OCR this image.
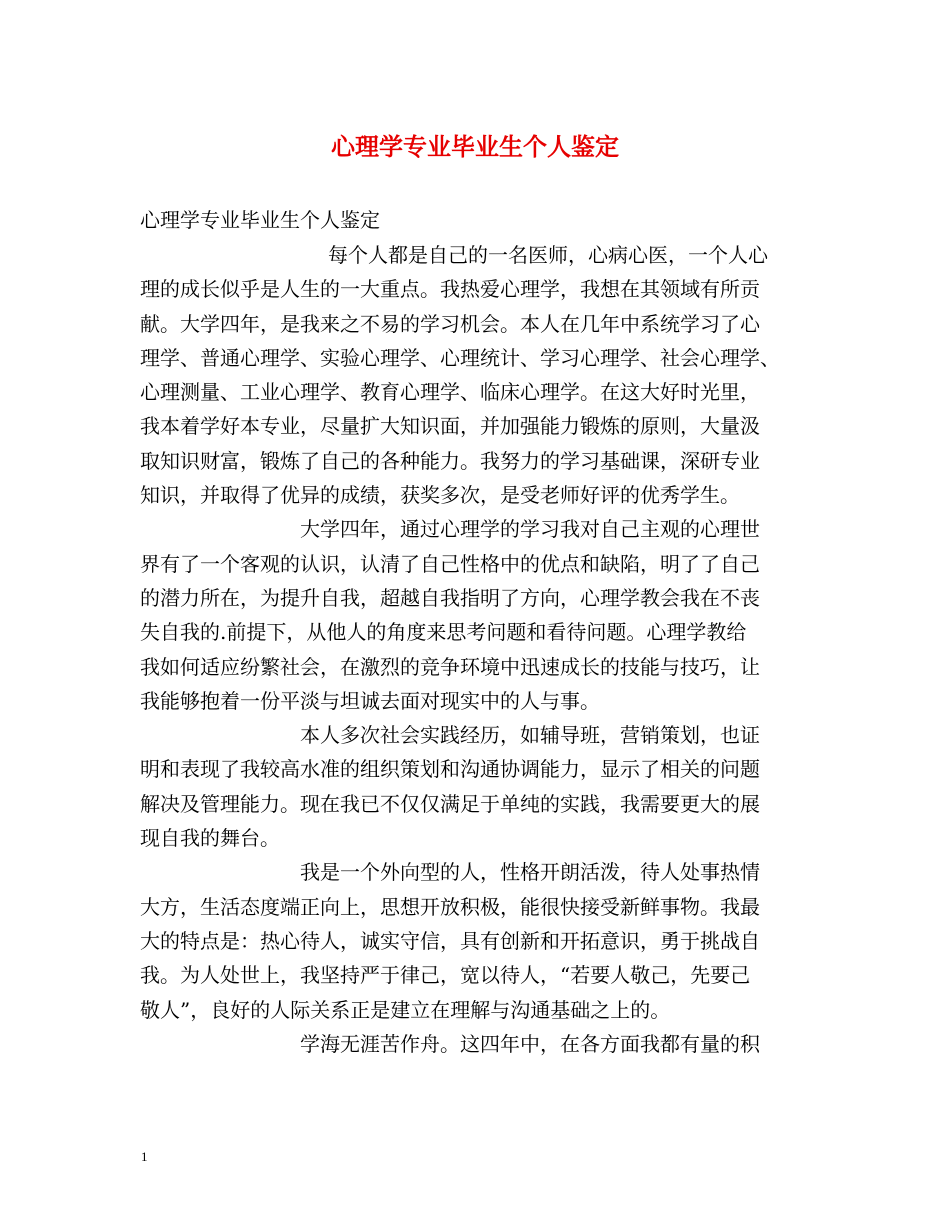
心理学专业毕业生个人鉴定
心理学专业毕业生个人鉴定
每个人都是自己的一名医师，心病心医，一个人心
理的成长似乎是人生的一大重点。我热爱心理学，我想在其领域有所贡
献。大学四年，是我来之不易的学习机会。本人在几年中系统学习了心
理学、普通心理学、实验心理学、心理统计、学习心理学、社会心理学、
心理测量、工业心理学、教育心理学、临床心理学。在这大好时光里，
我本着学好本专业，尽量扩大知识面，并加强能力锻炼的原则，大量汲
取知识财富，锻炼了自己的各种能力。我努力的学习基础课，深研专业
知识，并取得了优异的成绩，获奖多次，是受老师好评的优秀学生。
大学四年，通过心理学的学习我对自己主观的心理世
界有了一个客观的认识，认清了自己性格中的优点和缺陷，明了了自己
的潜力所在，为提升自我，超越自我指明了方向，心理学教会我在不丧
失自我的.前提下，从他人的角度来思考问题和看待问题。心理学教给
我如何适应纷繁社会，在激烈的竞争环境中迅速成长的技能与技巧，让
我能够抱着一份平淡与坦诚去面对现实中的人与事。
本人多次社会实践经历，如辅导班，营销策划，也证
明和表现了我较高水准的组织策划和沟通协调能力，显示了相关的问题
解决及管理能力。现在我已不仅仅满足于单纯的实践，我需要更大的展
现自我的舞台。
我是一个外向型的人，性格开朗活泼，待人处事热情
大方，生活态度端正向上，思想开放积极，能很快接受新鲜事物。我最
大的特点是：热心待人，诚实守信，具有创新和开拓意识，勇于挑战自
我。为人处世上，我坚持严于律己，宽以待人，“若要人敬己，先要己
敬人”，良好的人际关系正是建立在理解与沟通基础之上的。
学海无涯苦作舟。这四年中，在各方面我都有量的积
1
